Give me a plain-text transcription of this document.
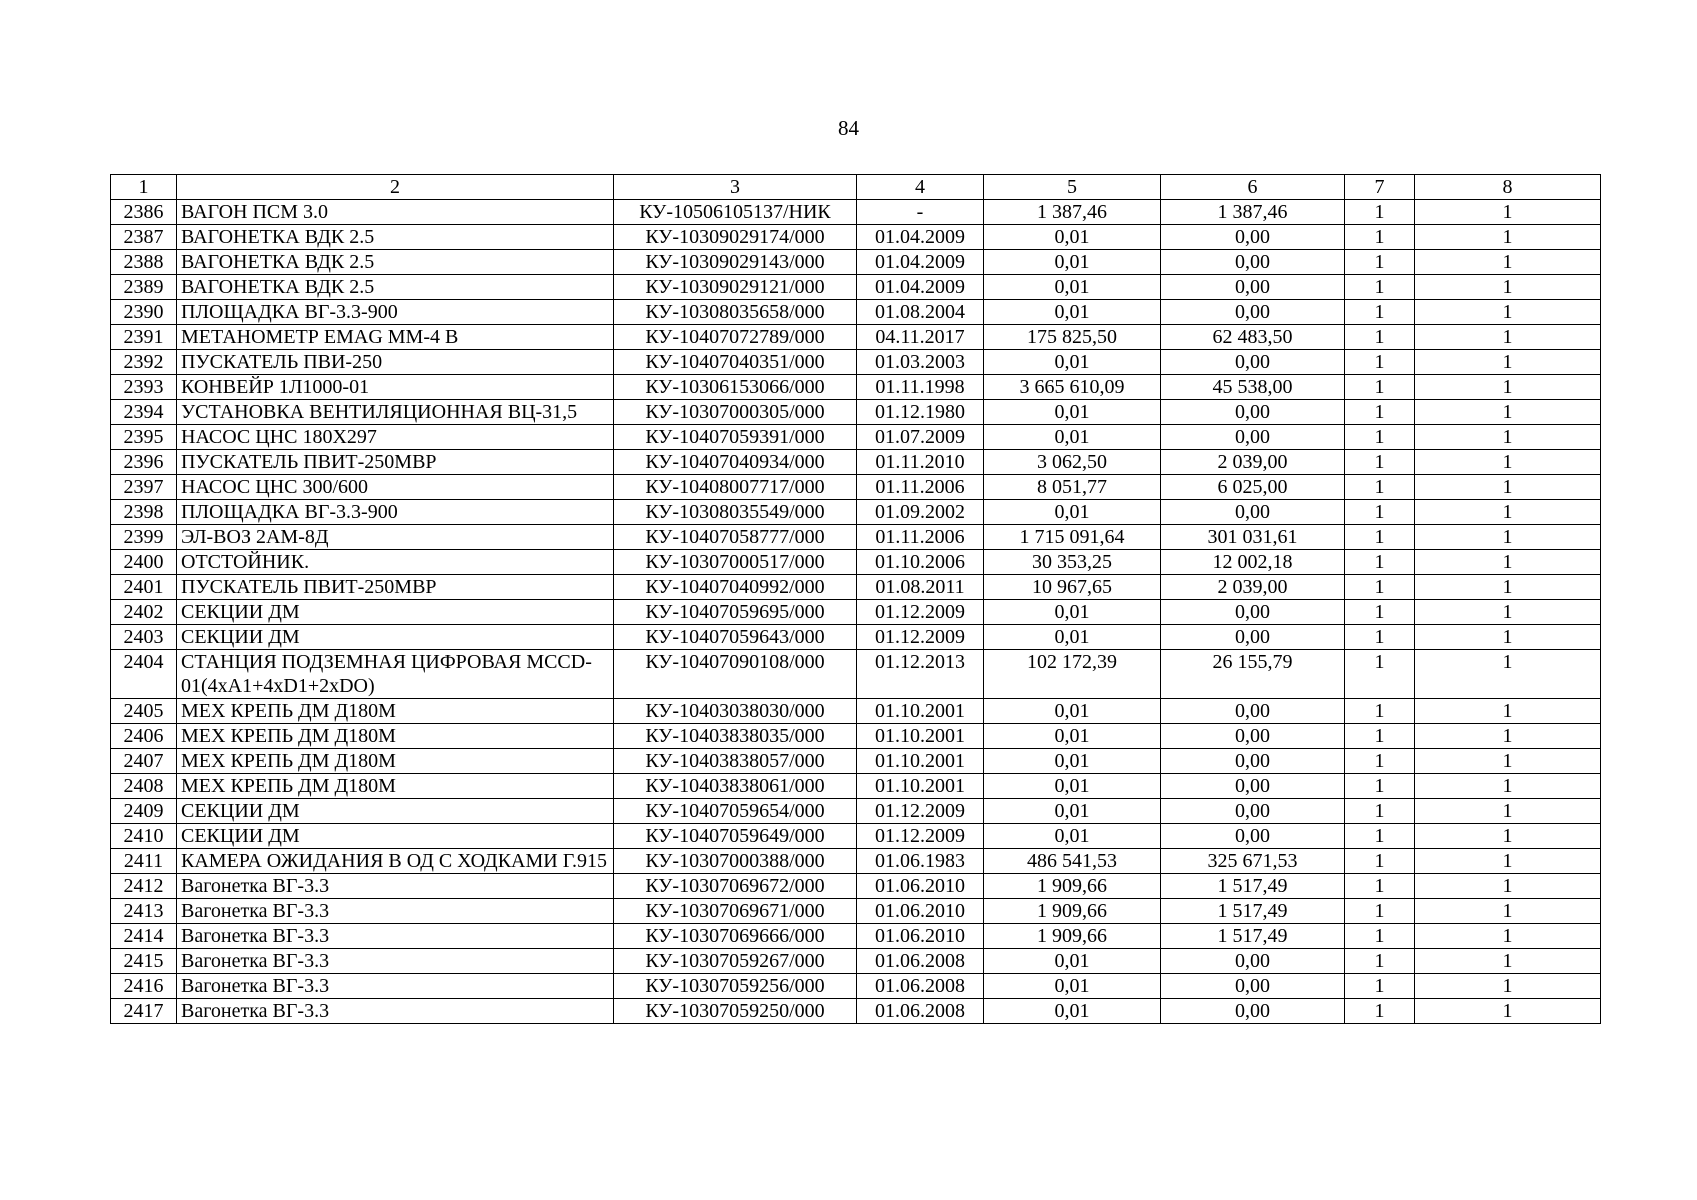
84
1	2	3	4	5	6	7	8
2386	ВАГОН ПСМ 3.0	КУ-10506105137/НИК	-	1 387,46	1 387,46	1	1
2387	ВАГОНЕТКА ВДК 2.5	КУ-10309029174/000	01.04.2009	0,01	0,00	1	1
2388	ВАГОНЕТКА ВДК 2.5	КУ-10309029143/000	01.04.2009	0,01	0,00	1	1
2389	ВАГОНЕТКА ВДК 2.5	КУ-10309029121/000	01.04.2009	0,01	0,00	1	1
2390	ПЛОЩАДКА ВГ-3.3-900	КУ-10308035658/000	01.08.2004	0,01	0,00	1	1
2391	МЕТАНОМЕТР EMAG MM-4 B	КУ-10407072789/000	04.11.2017	175 825,50	62 483,50	1	1
2392	ПУСКАТЕЛЬ ПВИ-250	КУ-10407040351/000	01.03.2003	0,01	0,00	1	1
2393	КОНВЕЙР 1Л1000-01	КУ-10306153066/000	01.11.1998	3 665 610,09	45 538,00	1	1
2394	УСТАНОВКА ВЕНТИЛЯЦИОННАЯ ВЦ-31,5	КУ-10307000305/000	01.12.1980	0,01	0,00	1	1
2395	НАСОС ЦНС 180Х297	КУ-10407059391/000	01.07.2009	0,01	0,00	1	1
2396	ПУСКАТЕЛЬ ПВИТ-250МВР	КУ-10407040934/000	01.11.2010	3 062,50	2 039,00	1	1
2397	НАСОС ЦНС 300/600	КУ-10408007717/000	01.11.2006	8 051,77	6 025,00	1	1
2398	ПЛОЩАДКА ВГ-3.3-900	КУ-10308035549/000	01.09.2002	0,01	0,00	1	1
2399	ЭЛ-ВОЗ 2АМ-8Д	КУ-10407058777/000	01.11.2006	1 715 091,64	301 031,61	1	1
2400	ОТСТОЙНИК.	КУ-10307000517/000	01.10.2006	30 353,25	12 002,18	1	1
2401	ПУСКАТЕЛЬ ПВИТ-250МВР	КУ-10407040992/000	01.08.2011	10 967,65	2 039,00	1	1
2402	СЕКЦИИ ДМ	КУ-10407059695/000	01.12.2009	0,01	0,00	1	1
2403	СЕКЦИИ ДМ	КУ-10407059643/000	01.12.2009	0,01	0,00	1	1
2404	СТАНЦИЯ ПОДЗЕМНАЯ ЦИФРОВАЯ MCCD-01(4xA1+4xD1+2xDO)	КУ-10407090108/000	01.12.2013	102 172,39	26 155,79	1	1
2405	МЕХ КРЕПЬ ДМ Д180М	КУ-10403038030/000	01.10.2001	0,01	0,00	1	1
2406	МЕХ КРЕПЬ ДМ Д180М	КУ-10403838035/000	01.10.2001	0,01	0,00	1	1
2407	МЕХ КРЕПЬ ДМ Д180М	КУ-10403838057/000	01.10.2001	0,01	0,00	1	1
2408	МЕХ КРЕПЬ ДМ Д180М	КУ-10403838061/000	01.10.2001	0,01	0,00	1	1
2409	СЕКЦИИ ДМ	КУ-10407059654/000	01.12.2009	0,01	0,00	1	1
2410	СЕКЦИИ ДМ	КУ-10407059649/000	01.12.2009	0,01	0,00	1	1
2411	КАМЕРА ОЖИДАНИЯ В ОД С ХОДКАМИ Г.915	КУ-10307000388/000	01.06.1983	486 541,53	325 671,53	1	1
2412	Вагонетка ВГ-3.3	КУ-10307069672/000	01.06.2010	1 909,66	1 517,49	1	1
2413	Вагонетка ВГ-3.3	КУ-10307069671/000	01.06.2010	1 909,66	1 517,49	1	1
2414	Вагонетка ВГ-3.3	КУ-10307069666/000	01.06.2010	1 909,66	1 517,49	1	1
2415	Вагонетка ВГ-3.3	КУ-10307059267/000	01.06.2008	0,01	0,00	1	1
2416	Вагонетка ВГ-3.3	КУ-10307059256/000	01.06.2008	0,01	0,00	1	1
2417	Вагонетка ВГ-3.3	КУ-10307059250/000	01.06.2008	0,01	0,00	1	1
